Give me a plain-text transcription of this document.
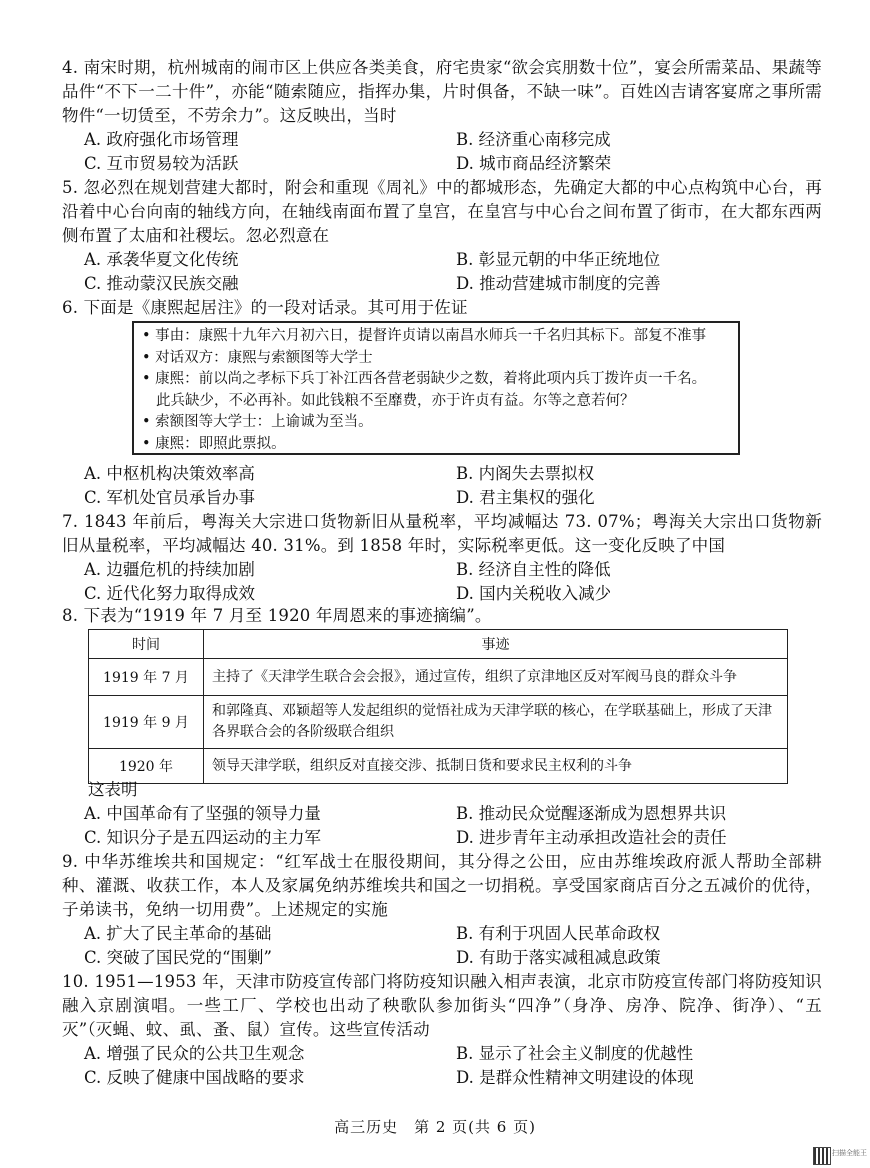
4. 南宋时期，杭州城南的闹市区上供应各类美食，府宅贵家“欲会宾朋数十位”，宴会所需菜品、果蔬等品件“不下一二十件”，亦能“随索随应，指挥办集，片时俱备，不缺一味”。百姓凶吉请客宴席之事所需物件“一切赁至，不劳余力”。这反映出，当时

A. 政府强化市场管理	B. 经济重心南移完成
C. 互市贸易较为活跃	D. 城市商品经济繁荣

5. 忽必烈在规划营建大都时，附会和重现《周礼》中的都城形态，先确定大都的中心点构筑中心台，再沿着中心台向南的轴线方向，在轴线南面布置了皇宫，在皇宫与中心台之间布置了街市，在大都东西两侧布置了太庙和社稷坛。忽必烈意在

A. 承袭华夏文化传统	B. 彰显元朝的中华正统地位
C. 推动蒙汉民族交融	D. 推动营建城市制度的完善

6. 下面是《康熙起居注》的一段对话录。其可用于佐证

• 事由：康熙十九年六月初六日，提督许贞请以南昌水师兵一千名归其标下。部复不准事
• 对话双方：康熙与索额图等大学士
• 康熙：前以尚之孝标下兵丁补江西各营老弱缺少之数，着将此项内兵丁拨许贞一千名。
此兵缺少，不必再补。如此钱粮不至靡费，亦于许贞有益。尔等之意若何？
• 索额图等大学士：上谕诚为至当。
• 康熙：即照此票拟。
A. 中枢机构决策效率高	B. 内阁失去票拟权
C. 军机处官员承旨办事	D. 君主集权的强化

7. 1843 年前后，粤海关大宗进口货物新旧从量税率，平均减幅达 73. 07%；粤海关大宗出口货物新旧从量税率，平均减幅达 40. 31%。到 1858 年时，实际税率更低。这一变化反映了中国

A. 边疆危机的持续加剧	B. 经济自主性的降低
C. 近代化努力取得成效	D. 国内关税收入减少

8. 下表为“1919 年 7 月至 1920 年周恩来的事迹摘编”。

时间	事迹
1919 年 7 月	主持了《天津学生联合会会报》，通过宣传，组织了京津地区反对军阀马良的群众斗争
1919 年 9 月	和郭隆真、邓颖超等人发起组织的觉悟社成为天津学联的核心，在学联基础上，形成了天津各界联合会的各阶级联合组织
1920 年	领导天津学联，组织反对直接交涉、抵制日货和要求民主权利的斗争
这表明
A. 中国革命有了坚强的领导力量	B. 推动民众觉醒逐渐成为恩想界共识
C. 知识分子是五四运动的主力军	D. 进步青年主动承担改造社会的责任

9. 中华苏维埃共和国规定：“红军战士在服役期间，其分得之公田，应由苏维埃政府派人帮助全部耕种、灌溉、收获工作，本人及家属免纳苏维埃共和国之一切捐税。享受国家商店百分之五减价的优待，子弟读书，免纳一切用费”。上述规定的实施

A. 扩大了民主革命的基础	B. 有利于巩固人民革命政权
C. 突破了国民党的“围剿”	D. 有助于落实减租减息政策

10. 1951—1953 年，天津市防疫宣传部门将防疫知识融入相声表演，北京市防疫宣传部门将防疫知识融入京剧演唱。一些工厂、学校也出动了秧歌队参加街头“四净”（身净、房净、院净、街净）、“五灭”（灭蝇、蚊、虱、蚤、鼠）宣传。这些宣传活动

A. 增强了民众的公共卫生观念	B. 显示了社会主义制度的优越性
C. 反映了健康中国战略的要求	D. 是群众性精神文明建设的体现
高三历史　第 2 页(共 6 页)
扫描全能王
